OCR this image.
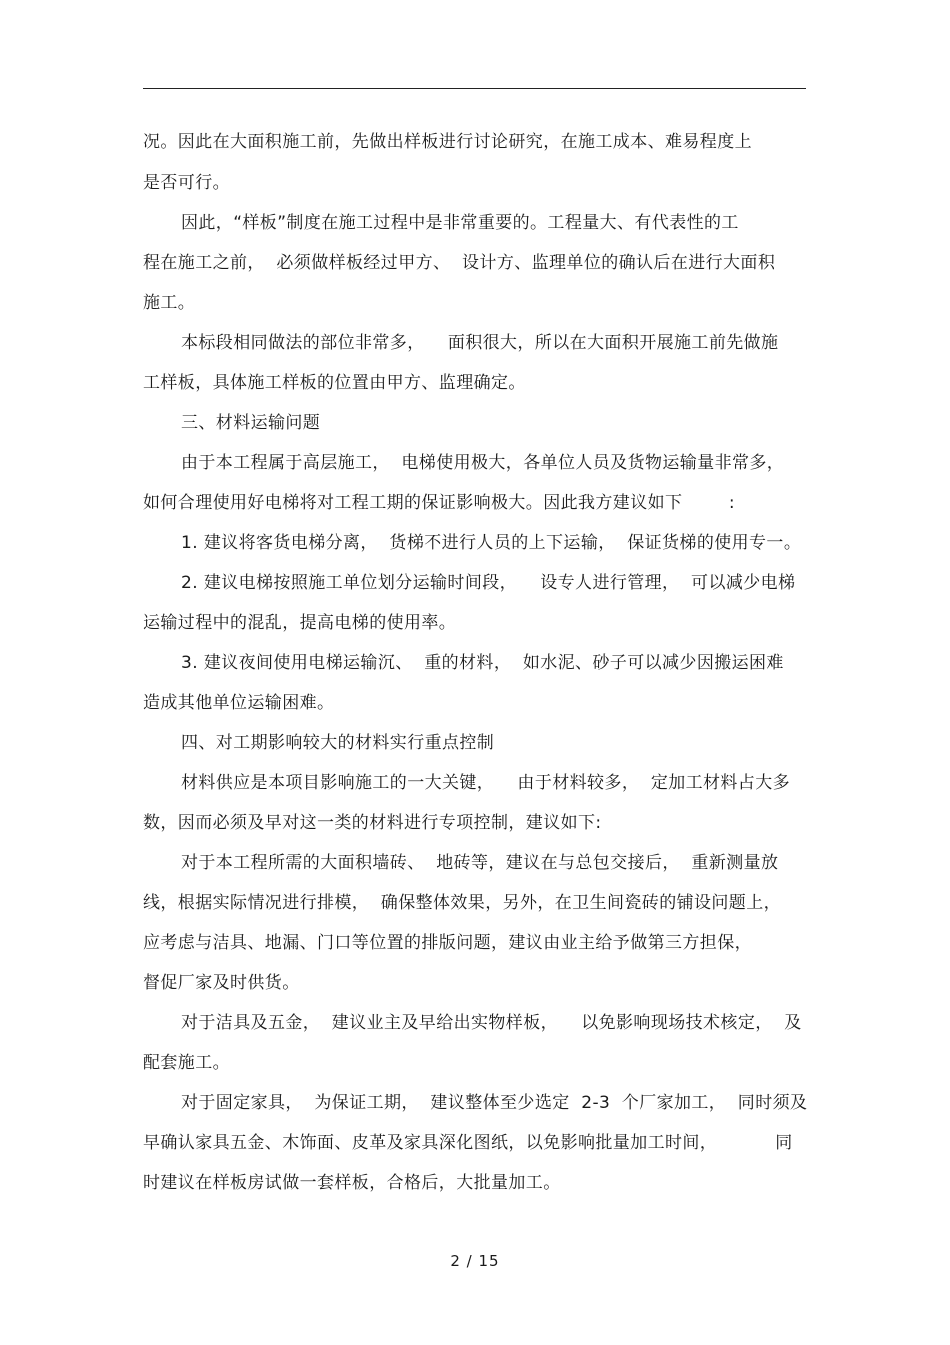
况。因此在大面积施工前，先做出样板进行讨论研究，在施工成本、难易程度上
是否可行。
因此，“样板”制度在施工过程中是非常重要的。工程量大、有代表性的工
程在施工之前，  必须做样板经过甲方、  设计方、监理单位的确认后在进行大面积
施工。
本标段相同做法的部位非常多，    面积很大，所以在大面积开展施工前先做施
工样板，具体施工样板的位置由甲方、监理确定。
三、材料运输问题
由于本工程属于高层施工，  电梯使用极大，各单位人员及货物运输量非常多，
如何合理使用好电梯将对工程工期的保证影响极大。因此我方建议如下        :
1. 建议将客货电梯分离，  货梯不进行人员的上下运输，  保证货梯的使用专一。
2. 建议电梯按照施工单位划分运输时间段，    设专人进行管理，  可以减少电梯
运输过程中的混乱，提高电梯的使用率。
3. 建议夜间使用电梯运输沉、  重的材料，  如水泥、砂子可以减少因搬运困难
造成其他单位运输困难。
四、对工期影响较大的材料实行重点控制
材料供应是本项目影响施工的一大关键，    由于材料较多，  定加工材料占大多
数，因而必须及早对这一类的材料进行专项控制，建议如下:
对于本工程所需的大面积墙砖、  地砖等，建议在与总包交接后，  重新测量放
线，根据实际情况进行排模，  确保整体效果，另外，在卫生间瓷砖的铺设问题上，
应考虑与洁具、地漏、门口等位置的排版问题，建议由业主给予做第三方担保，
督促厂家及时供货。
对于洁具及五金，  建议业主及早给出实物样板，    以免影响现场技术核定，  及
配套施工。
对于固定家具，  为保证工期，  建议整体至少选定  2-3  个厂家加工，  同时须及
早确认家具五金、木饰面、皮革及家具深化图纸，以免影响批量加工时间，          同
时建议在样板房试做一套样板，合格后，大批量加工。
2 / 15
